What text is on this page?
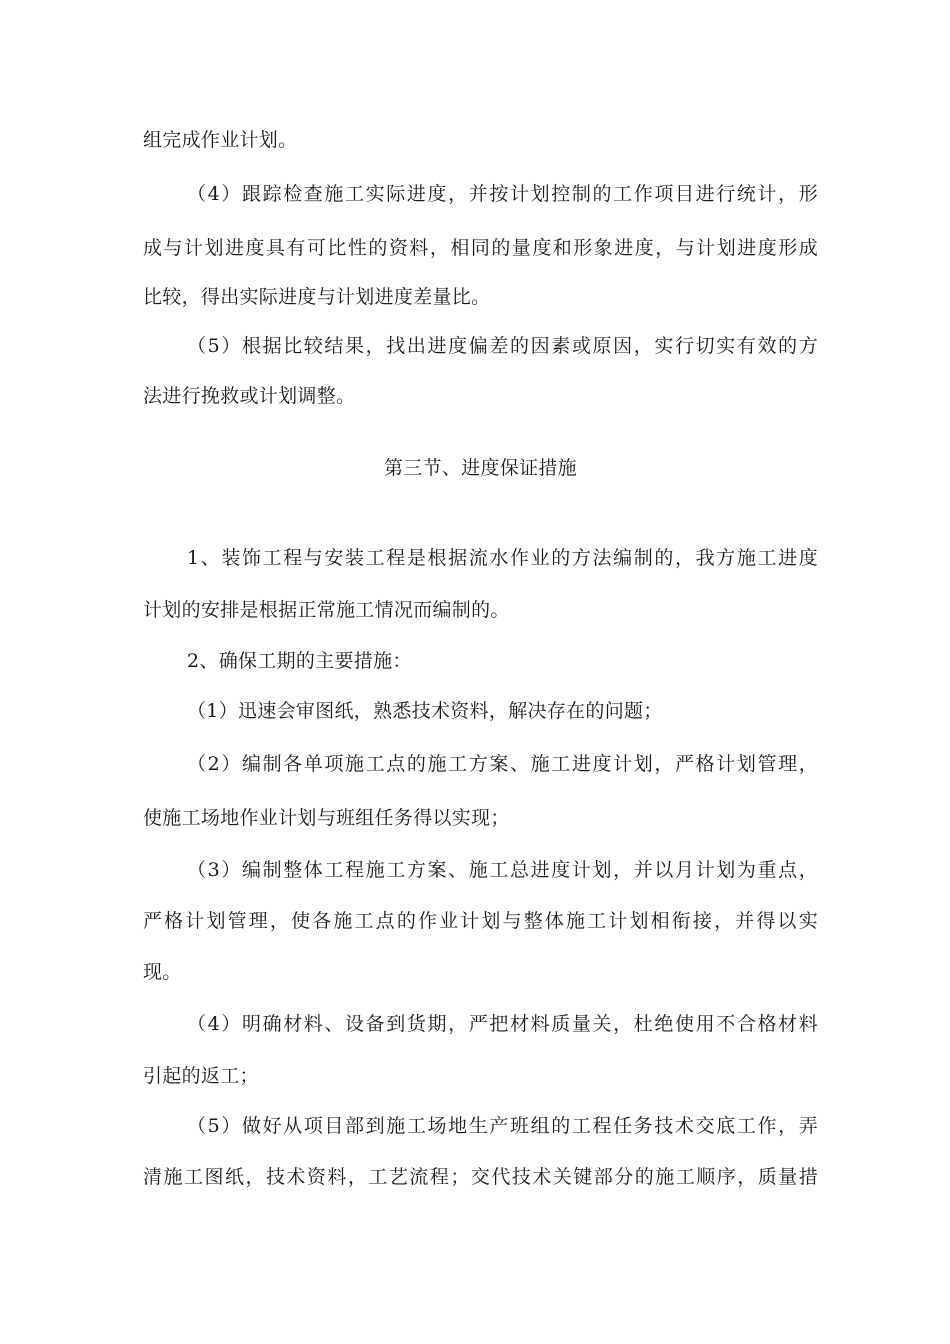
组完成作业计划。
（4）跟踪检查施工实际进度，并按计划控制的工作项目进行统计，形
成与计划进度具有可比性的资料，相同的量度和形象进度，与计划进度形成
比较，得出实际进度与计划进度差量比。
（5）根据比较结果，找出进度偏差的因素或原因，实行切实有效的方
法进行挽救或计划调整。
第三节、进度保证措施
1、装饰工程与安装工程是根据流水作业的方法编制的，我方施工进度
计划的安排是根据正常施工情况而编制的。
2、确保工期的主要措施：
（1）迅速会审图纸，熟悉技术资料，解决存在的问题；
（2）编制各单项施工点的施工方案、施工进度计划，严格计划管理，
使施工场地作业计划与班组任务得以实现；
（3）编制整体工程施工方案、施工总进度计划，并以月计划为重点，
严格计划管理，使各施工点的作业计划与整体施工计划相衔接，并得以实
现。
（4）明确材料、设备到货期，严把材料质量关，杜绝使用不合格材料
引起的返工；
（5）做好从项目部到施工场地生产班组的工程任务技术交底工作，弄
清施工图纸，技术资料，工艺流程；交代技术关键部分的施工顺序，质量措
